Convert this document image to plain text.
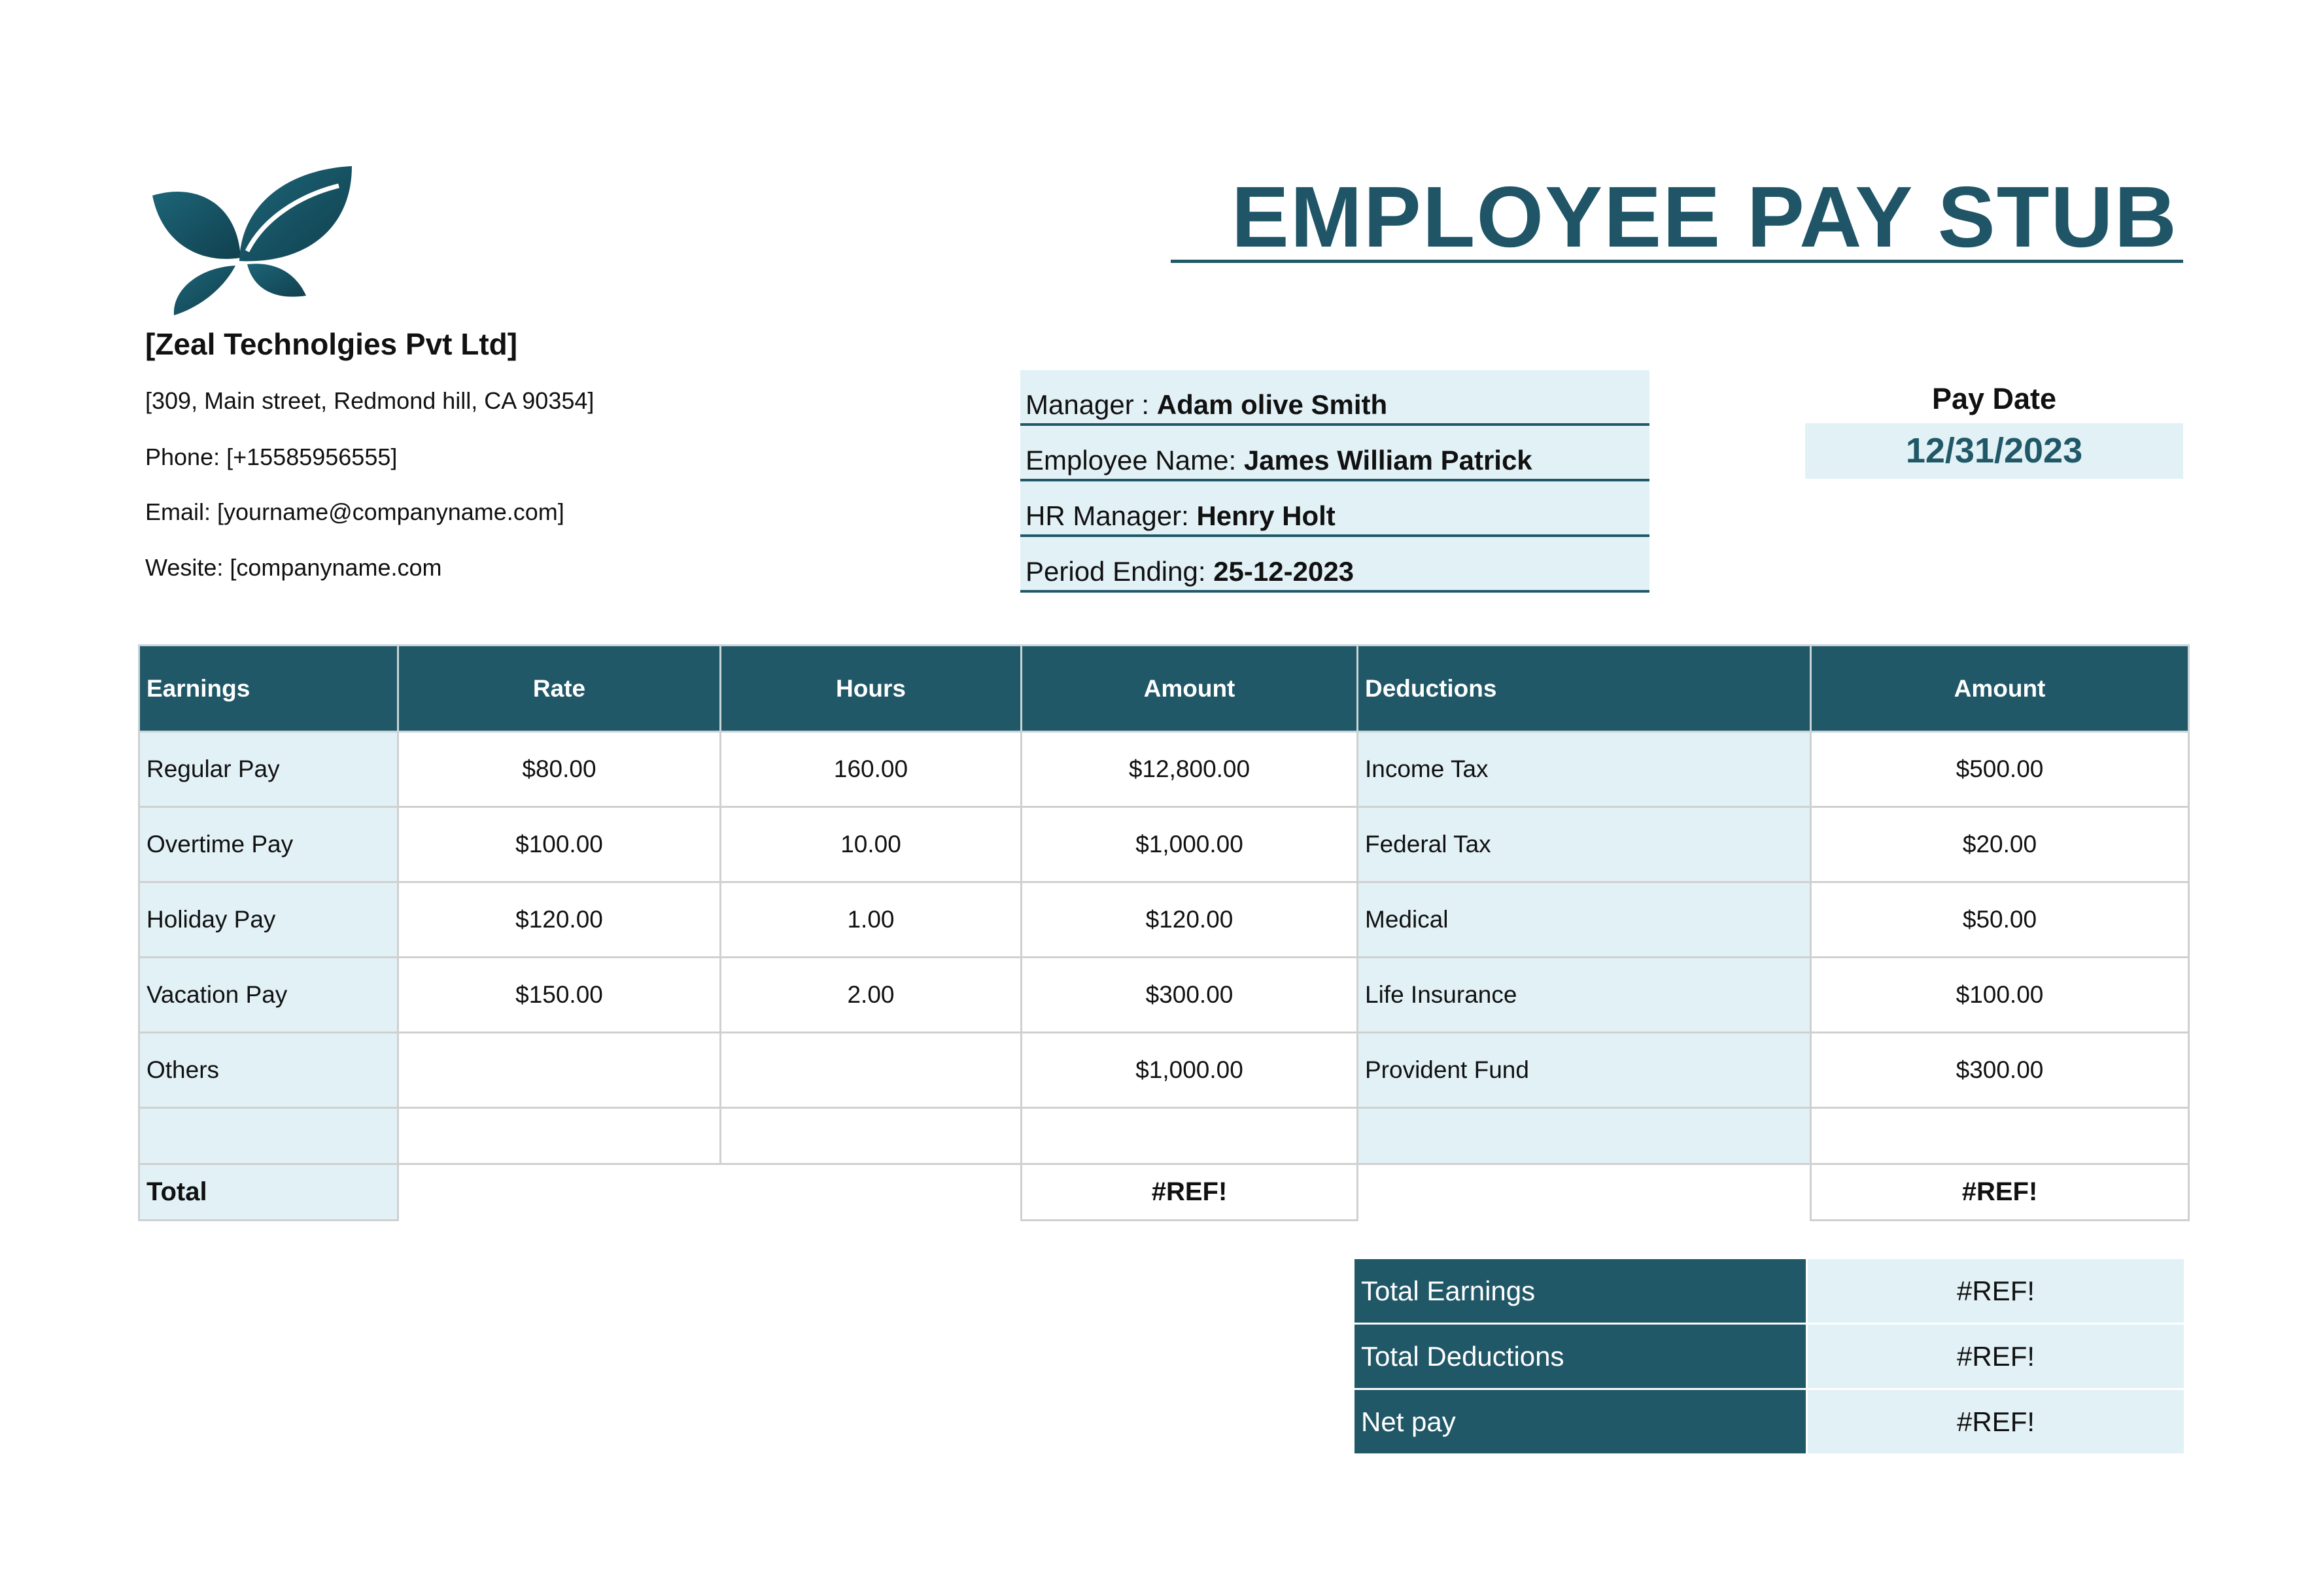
EMPLOYEE PAY STUB
[Zeal Technolgies Pvt Ltd]
[309, Main street, Redmond hill, CA 90354]
Phone: [+15585956555]
Email: [yourname@companyname.com]
Wesite: [companyname.com
Manager : Adam olive Smith
Employee Name: James William Patrick
HR Manager: Henry Holt
Period Ending: 25-12-2023
Pay Date
12/31/2023
Earnings	Rate	Hours	Amount	Deductions	Amount
Regular Pay	$80.00	160.00	$12,800.00	Income Tax	$500.00
Overtime Pay	$100.00	10.00	$1,000.00	Federal Tax	$20.00
Holiday Pay	$120.00	1.00	$120.00	Medical	$50.00
Vacation Pay	$150.00	2.00	$300.00	Life Insurance	$100.00
Others			$1,000.00	Provident Fund	$300.00

Total			#REF!		#REF!
Total Earnings	#REF!
Total Deductions	#REF!
Net pay	#REF!
